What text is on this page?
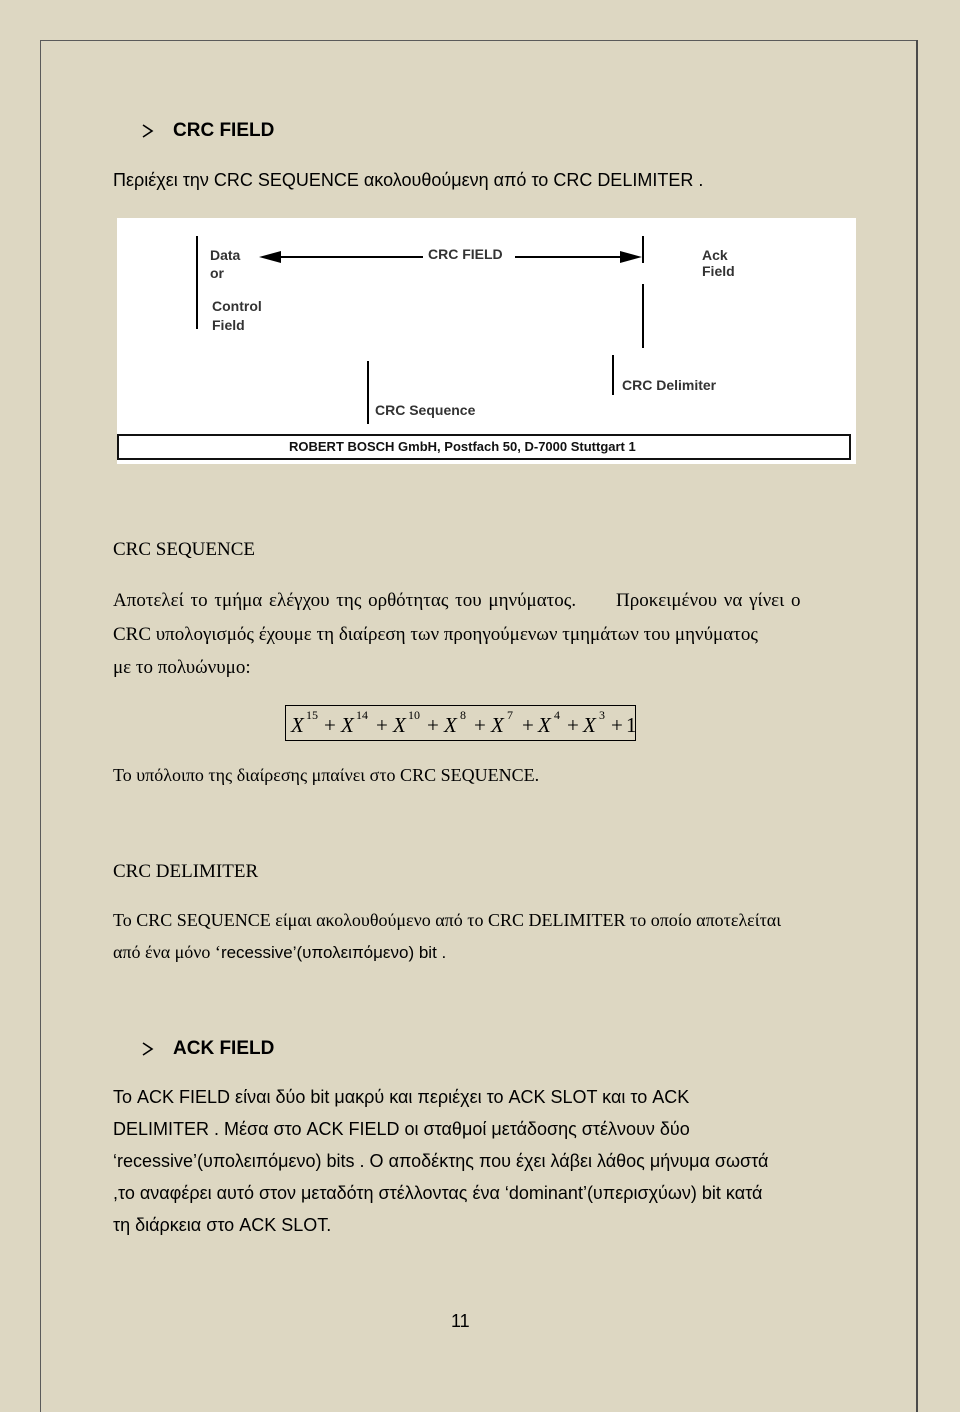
CRC FIELD
Περιέχει την CRC SEQUENCE ακολουθούμενη από το CRC DELIMITER .
Data
or
Control
Field
CRC FIELD	Ack
Field
CRC Delimiter
CRC Sequence
ROBERT BOSCH GmbH, Postfach 50, D-7000 Stuttgart 1
CRC SEQUENCE
Αποτελεί το τμήμα ελέγχου της ορθότητας του μηνύματος. Προκειμένου να γίνει ο
CRC υπολογισμός έχουμε τη διαίρεση των προηγούμενων τμημάτων του μηνύματος
με το πολυώνυμο:
X 15 + X 14 + X 10 + X 8 + X 7 + X 4 + X 3 + 1
Το υπόλοιπο της διαίρεσης μπαίνει στο CRC SEQUENCE.
CRC DELIMITER
Το CRC SEQUENCE είμαι ακολουθούμενο από το CRC DELIMITER το οποίο αποτελείται
από ένα μόνο ‘recessive’(υπολειπόμενο) bit .
ACK FIELD
Το ACK FIELD είναι δύο bit μακρύ και περιέχει το ACK SLOT και το ACK
DELIMITER . Μέσα στο ACK FIELD οι σταθμοί μετάδοσης στέλνουν δύο
‘recessive’(υπολειπόμενο) bits . O αποδέκτης που έχει λάβει λάθος μήνυμα σωστά
,το αναφέρει αυτό στον μεταδότη στέλλοντας ένα ‘dominant’(υπερισχύων) bit κατά
τη διάρκεια στο ACK SLOT.
11
